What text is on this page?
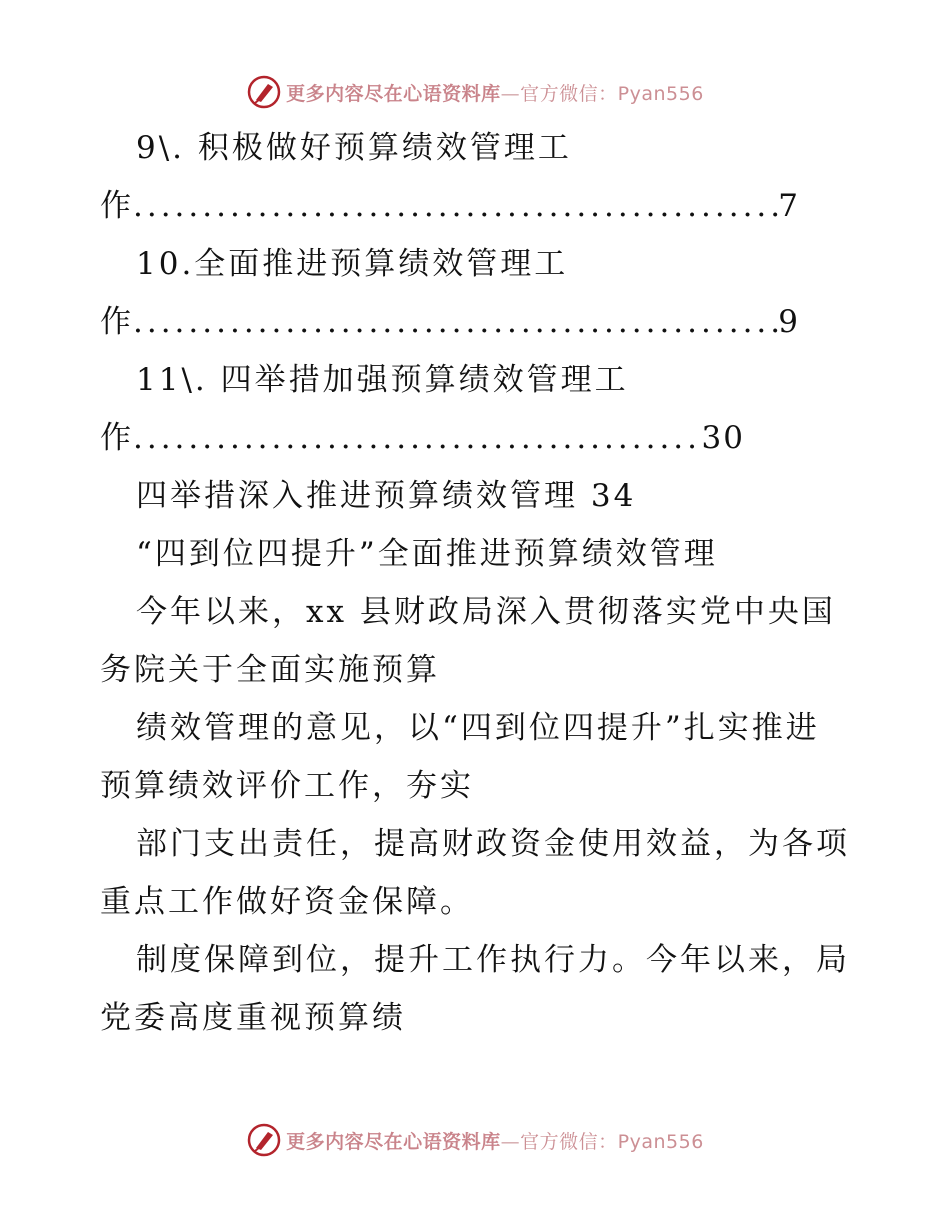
更多内容尽在心语资料库—官方微信：Pyan556
9\. 积极做好预算绩效管理工
作 .....	7
10.全面推进预算绩效管理工
作 .....	9
11\. 四举措加强预算绩效管理工
作 .....	30
四举措深入推进预算绩效管理 34
“四到位四提升”全面推进预算绩效管理
今年以来，xx 县财政局深入贯彻落实党中央国
务院关于全面实施预算
绩效管理的意见，以“四到位四提升”扎实推进
预算绩效评价工作，夯实
部门支出责任，提高财政资金使用效益，为各项
重点工作做好资金保障。
制度保障到位，提升工作执行力。今年以来，局
党委高度重视预算绩
更多内容尽在心语资料库—官方微信：Pyan556
